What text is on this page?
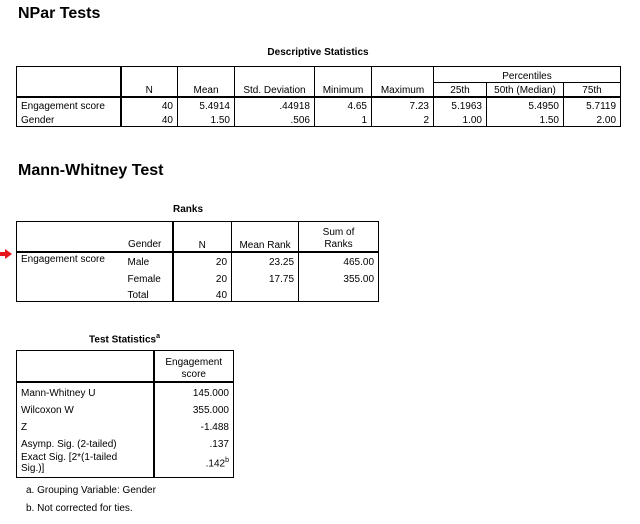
NPar Tests
Descriptive Statistics
	N	Mean	Std. Deviation	Minimum	Maximum	Percentiles		
						25th	50th (Median)	75th
Engagement score	40	5.4914	.44918	4.65	7.23	5.1963	5.4950	5.7119
Gender	40	1.50	.506	1	2	1.00	1.50	2.00
Mann-Whitney Test
Ranks
Gender		N	Mean Rank	Sum of
Ranks
Engagement score	Male	20	23.25	465.00
	Female	20	17.75	355.00
	Total	40		
Test Statistics$^a$
	Engagement
score
Mann-Whitney U	145.000
Wilcoxon W	355.000
Z	-1.488
Asymp. Sig. (2-tailed)	.137
Exact Sig. [2*(1-tailed
Sig.)]	.142$^b$
a. Grouping Variable: Gender
b. Not corrected for ties.
